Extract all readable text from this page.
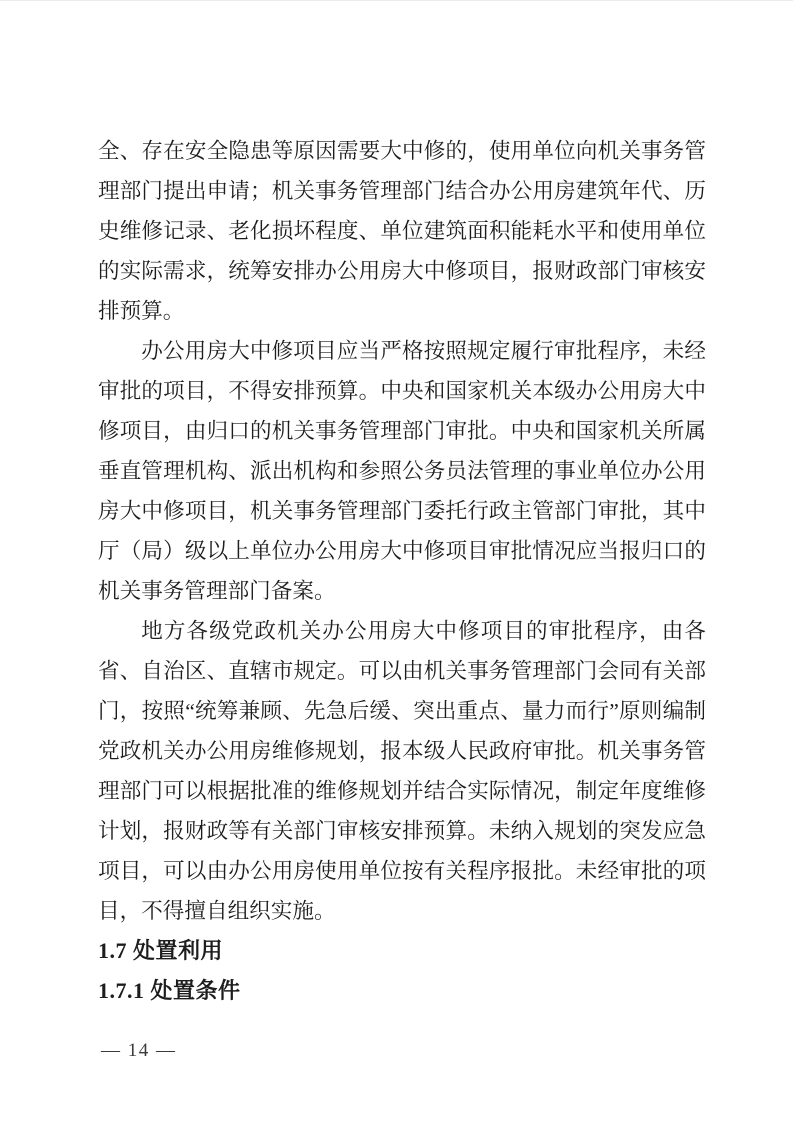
全、存在安全隐患等原因需要大中修的，使用单位向机关事务管理部门提出申请；机关事务管理部门结合办公用房建筑年代、历史维修记录、老化损坏程度、单位建筑面积能耗水平和使用单位的实际需求，统筹安排办公用房大中修项目，报财政部门审核安排预算。

办公用房大中修项目应当严格按照规定履行审批程序，未经审批的项目，不得安排预算。中央和国家机关本级办公用房大中修项目，由归口的机关事务管理部门审批。中央和国家机关所属垂直管理机构、派出机构和参照公务员法管理的事业单位办公用房大中修项目，机关事务管理部门委托行政主管部门审批，其中厅（局）级以上单位办公用房大中修项目审批情况应当报归口的机关事务管理部门备案。

地方各级党政机关办公用房大中修项目的审批程序，由各省、自治区、直辖市规定。可以由机关事务管理部门会同有关部门，按照“统筹兼顾、先急后缓、突出重点、量力而行”原则编制党政机关办公用房维修规划，报本级人民政府审批。机关事务管理部门可以根据批准的维修规划并结合实际情况，制定年度维修计划，报财政等有关部门审核安排预算。未纳入规划的突发应急项目，可以由办公用房使用单位按有关程序报批。未经审批的项目，不得擅自组织实施。

1.7 处置利用
1.7.1 处置条件
— 14 —
